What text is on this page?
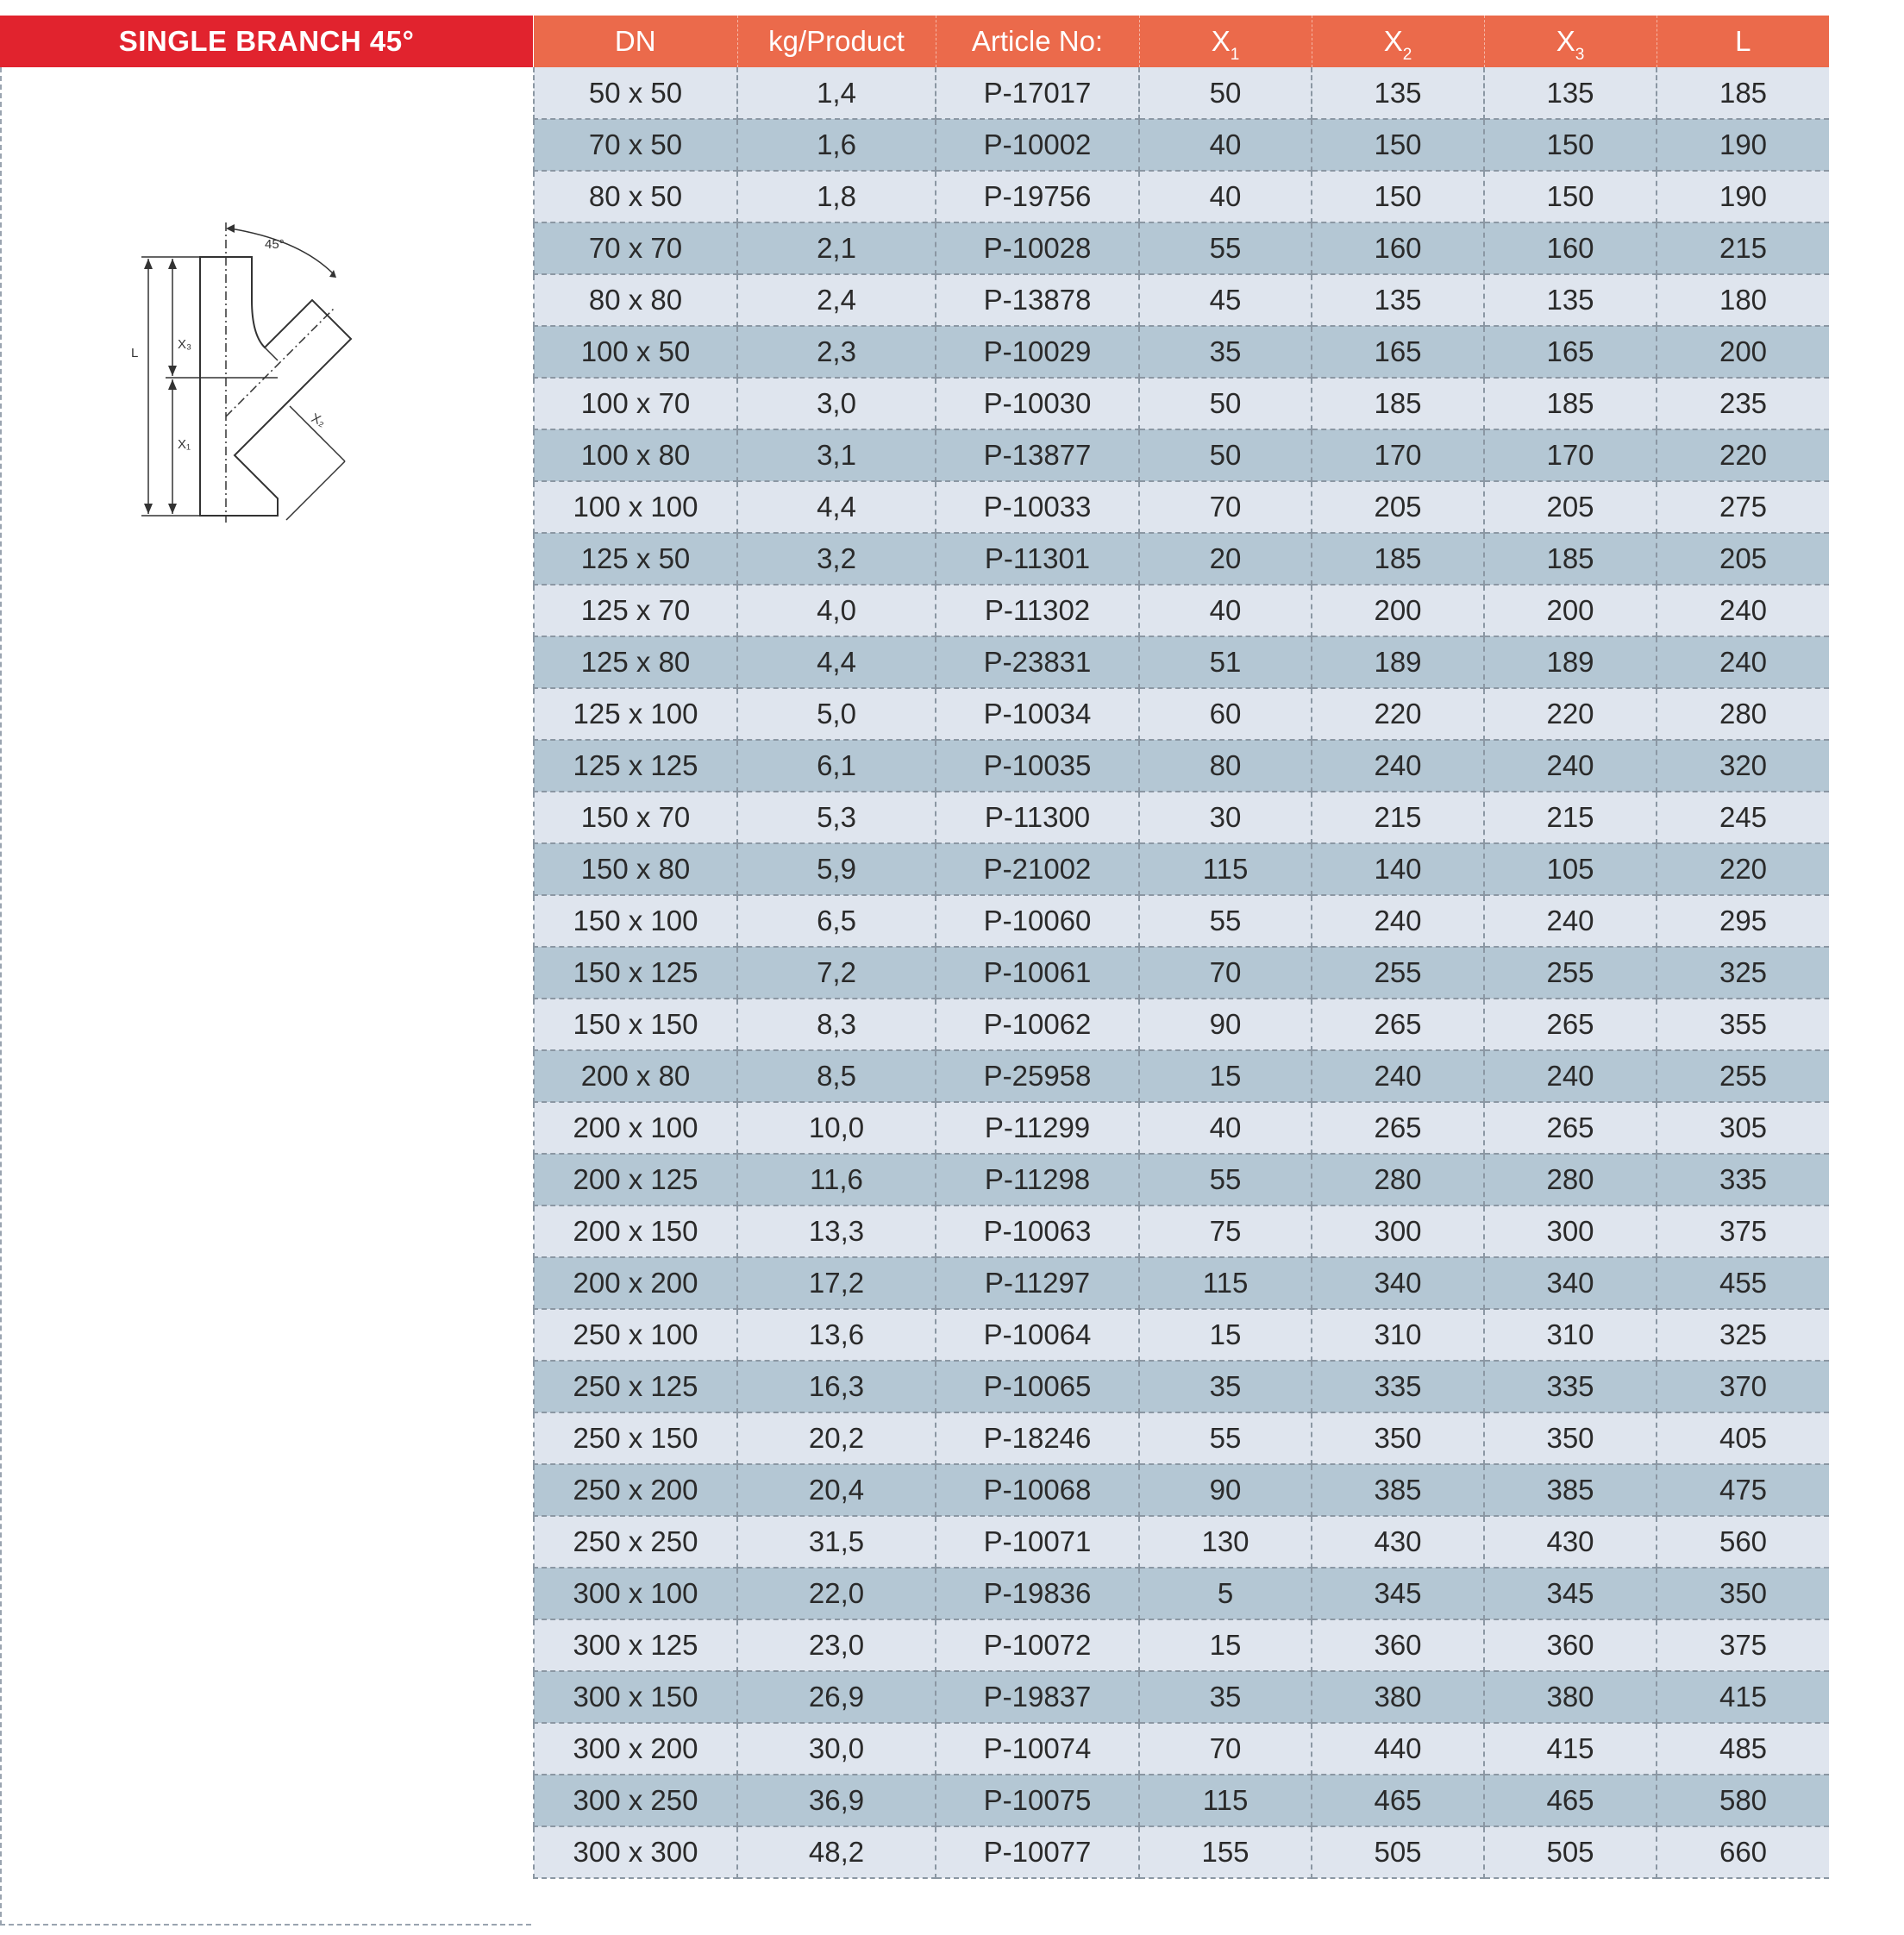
SINGLE BRANCH 45°
45°
L
X₃
X₁
X₂
DN	kg/Product	Article No:	$X_1$	$X_2$	$X_3$	L
50 x 50	1,4	P-17017	50	135	135	185
70 x 50	1,6	P-10002	40	150	150	190
80 x 50	1,8	P-19756	40	150	150	190
70 x 70	2,1	P-10028	55	160	160	215
80 x 80	2,4	P-13878	45	135	135	180
100 x 50	2,3	P-10029	35	165	165	200
100 x 70	3,0	P-10030	50	185	185	235
100 x 80	3,1	P-13877	50	170	170	220
100 x 100	4,4	P-10033	70	205	205	275
125 x 50	3,2	P-11301	20	185	185	205
125 x 70	4,0	P-11302	40	200	200	240
125 x 80	4,4	P-23831	51	189	189	240
125 x 100	5,0	P-10034	60	220	220	280
125 x 125	6,1	P-10035	80	240	240	320
150 x 70	5,3	P-11300	30	215	215	245
150 x 80	5,9	P-21002	115	140	105	220
150 x 100	6,5	P-10060	55	240	240	295
150 x 125	7,2	P-10061	70	255	255	325
150 x 150	8,3	P-10062	90	265	265	355
200 x 80	8,5	P-25958	15	240	240	255
200 x 100	10,0	P-11299	40	265	265	305
200 x 125	11,6	P-11298	55	280	280	335
200 x 150	13,3	P-10063	75	300	300	375
200 x 200	17,2	P-11297	115	340	340	455
250 x 100	13,6	P-10064	15	310	310	325
250 x 125	16,3	P-10065	35	335	335	370
250 x 150	20,2	P-18246	55	350	350	405
250 x 200	20,4	P-10068	90	385	385	475
250 x 250	31,5	P-10071	130	430	430	560
300 x 100	22,0	P-19836	5	345	345	350
300 x 125	23,0	P-10072	15	360	360	375
300 x 150	26,9	P-19837	35	380	380	415
300 x 200	30,0	P-10074	70	440	415	485
300 x 250	36,9	P-10075	115	465	465	580
300 x 300	48,2	P-10077	155	505	505	660
